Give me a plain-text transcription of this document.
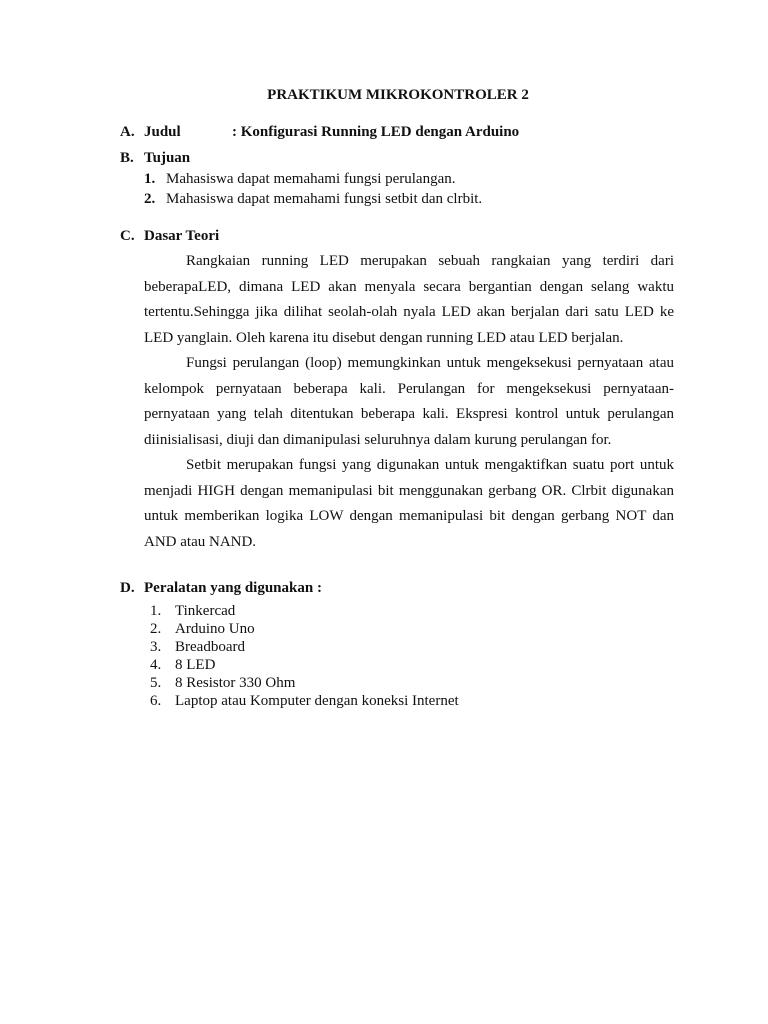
PRAKTIKUM MIKROKONTROLER 2
A. Judul	: Konfigurasi Running LED dengan Arduino
B. Tujuan
1. Mahasiswa dapat memahami fungsi perulangan.
2. Mahasiswa dapat memahami fungsi setbit dan clrbit.
C. Dasar Teori

Rangkaian running LED merupakan sebuah rangkaian yang terdiri dari beberapaLED, dimana LED akan menyala secara bergantian dengan selang waktu tertentu.Sehingga jika dilihat seolah-olah nyala LED akan berjalan dari satu LED ke LED yanglain. Oleh karena itu disebut dengan running LED atau LED berjalan.

Fungsi perulangan (loop) memungkinkan untuk mengeksekusi pernyataan atau kelompok pernyataan beberapa kali. Perulangan for mengeksekusi pernyataan-pernyataan yang telah ditentukan beberapa kali. Ekspresi kontrol untuk perulangan diinisialisasi, diuji dan dimanipulasi seluruhnya dalam kurung perulangan for.

Setbit merupakan fungsi yang digunakan untuk mengaktifkan suatu port untuk menjadi HIGH dengan memanipulasi bit menggunakan gerbang OR. Clrbit digunakan untuk memberikan logika LOW dengan memanipulasi bit dengan gerbang NOT dan AND atau NAND.

D. Peralatan yang digunakan :
1. Tinkercad
2. Arduino Uno
3. Breadboard
4. 8 LED
5. 8 Resistor 330 Ohm
6. Laptop atau Komputer dengan koneksi Internet
